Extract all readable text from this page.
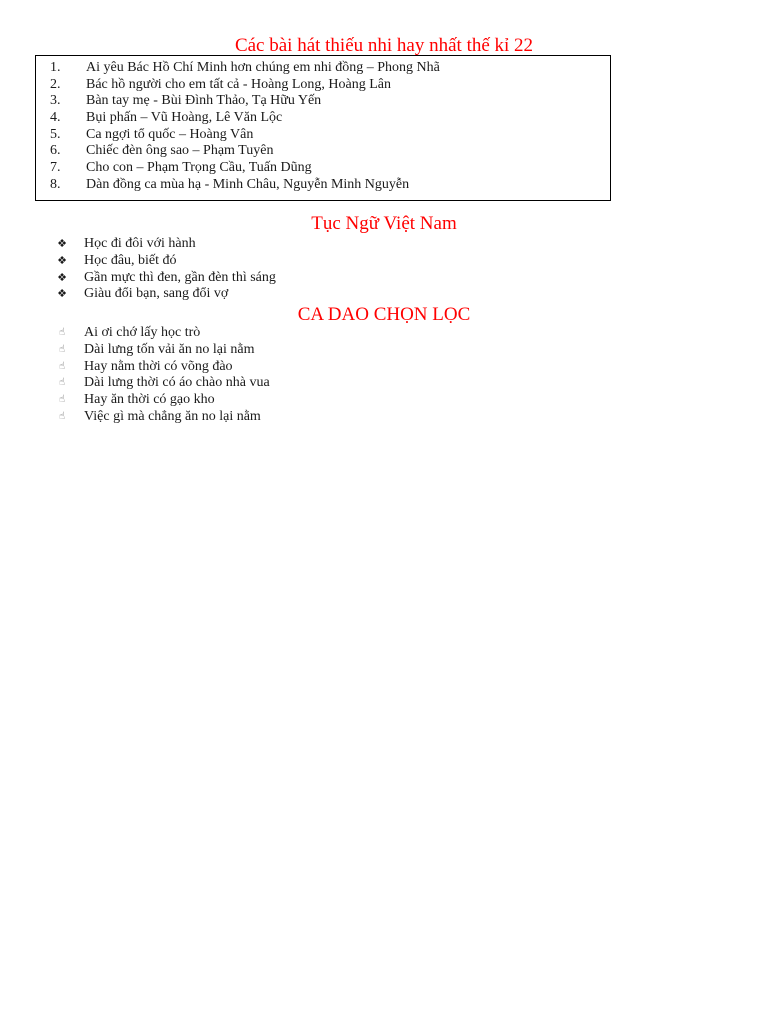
Các bài hát thiếu nhi hay nhất thế kỉ 22
1.	Ai yêu Bác Hồ Chí Minh hơn chúng em nhi đồng – Phong Nhã
2.	Bác hồ người cho em tất cả - Hoàng Long, Hoàng Lân
3.	Bàn tay mẹ - Bùi Đình Thảo, Tạ Hữu Yến
4.	Bụi phấn – Vũ Hoàng, Lê Văn Lộc
5.	Ca ngợi tổ quốc – Hoàng Vân
6.	Chiếc đèn ông sao – Phạm Tuyên
7.	Cho con – Phạm Trọng Cầu, Tuấn Dũng
8.	Dàn đồng ca mùa hạ - Minh Châu, Nguyễn Minh Nguyễn
Tục Ngữ Việt Nam
❖ Học đi đôi với hành
❖ Học đâu, biết đó
❖ Gần mực thì đen, gần đèn thì sáng
❖ Giàu đổi bạn, sang đổi vợ
CA DAO CHỌN LỌC
☝ Ai ơi chớ lấy học trò
☝ Dài lưng tốn vải ăn no lại nằm
☝ Hay nằm thời có võng đào
☝ Dài lưng thời có áo chào nhà vua
☝ Hay ăn thời có gạo kho
☝ Việc gì mà chẳng ăn no lại nằm
